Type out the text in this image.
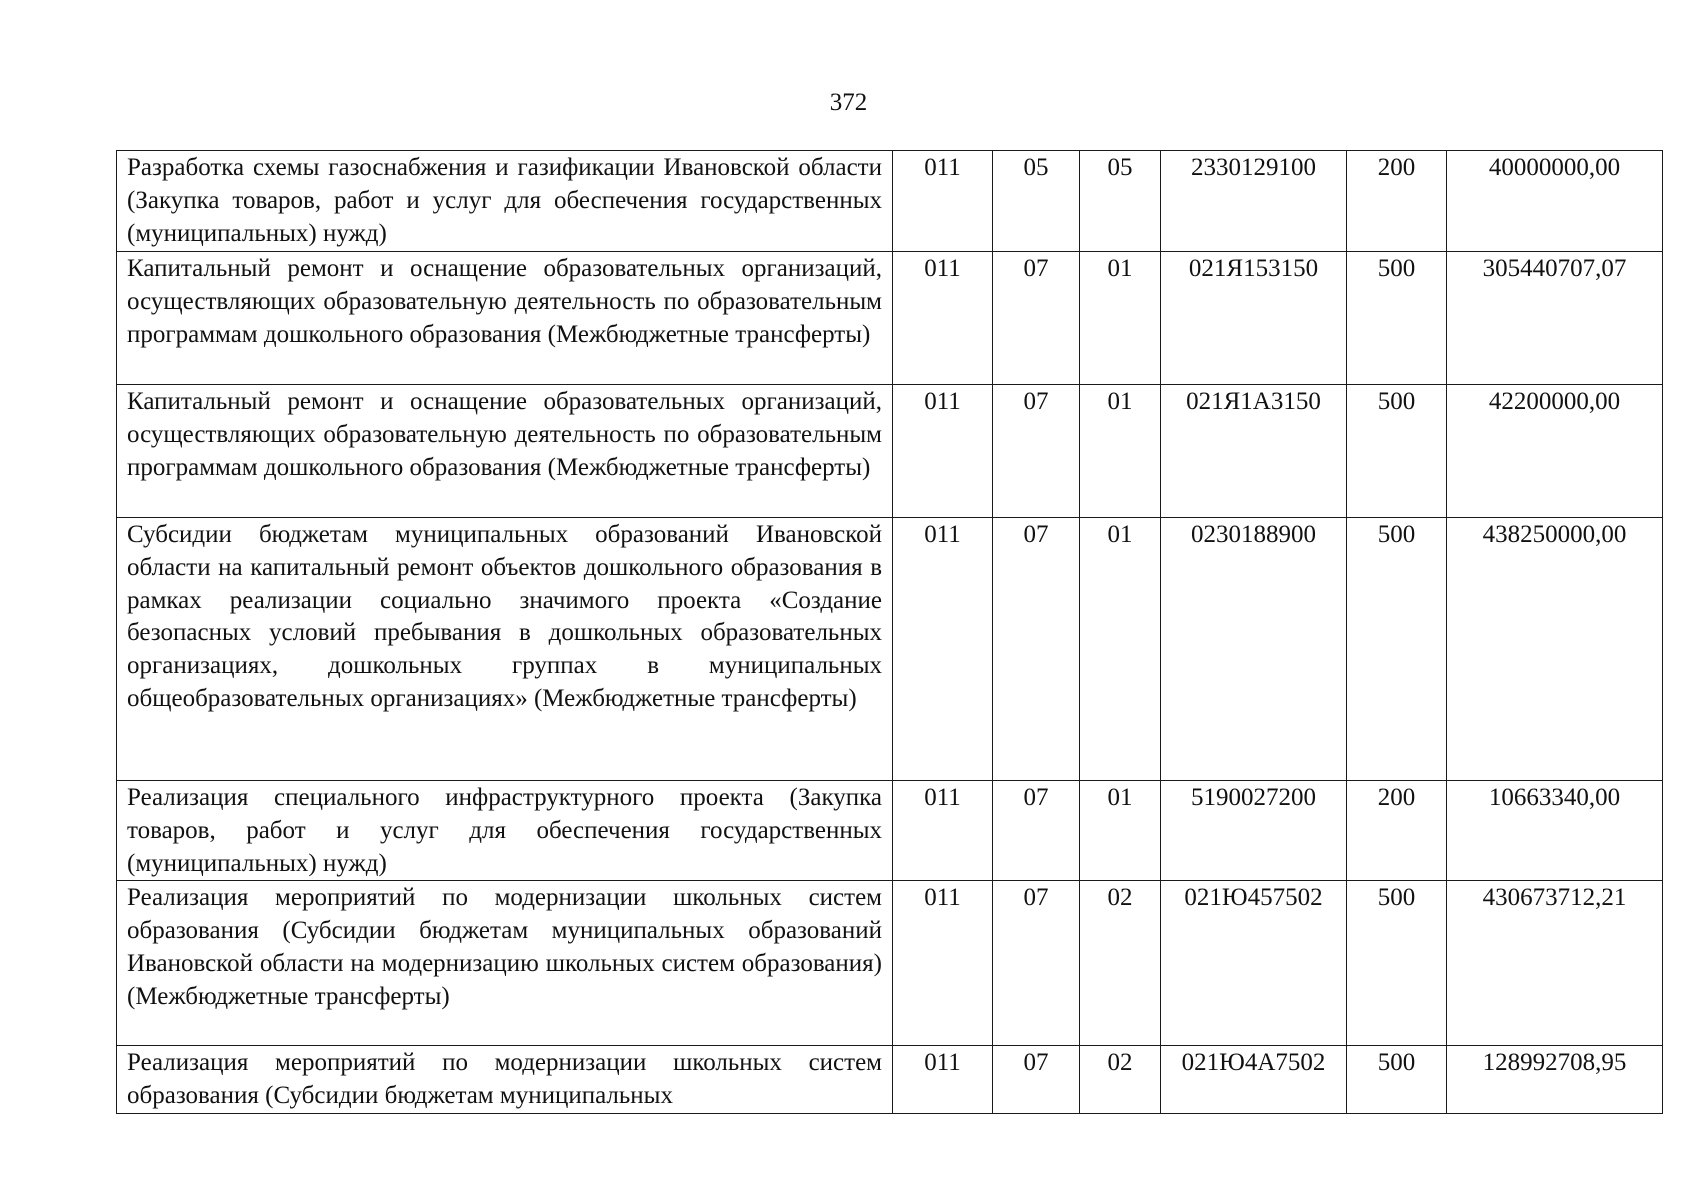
372
Разработка схемы газоснабжения и газификации Ивановской области (Закупка товаров, работ и услуг для обеспечения государственных (муниципальных) нужд)	011	05	05	2330129100	200	40000000,00
Капитальный ремонт и оснащение образовательных организаций, осуществляющих образовательную деятельность по образовательным программам дошкольного образования (Межбюджетные трансферты)	011	07	01	021Я153150	500	305440707,07
Капитальный ремонт и оснащение образовательных организаций, осуществляющих образовательную деятельность по образовательным программам дошкольного образования (Межбюджетные трансферты)	011	07	01	021Я1А3150	500	42200000,00
Субсидии бюджетам муниципальных образований Ивановской области на капитальный ремонт объектов дошкольного образования в рамках реализации социально значимого проекта «Создание безопасных условий пребывания в дошкольных образовательных организациях, дошкольных группах в муниципальных общеобразовательных организациях» (Межбюджетные трансферты)	011	07	01	0230188900	500	438250000,00
Реализация специального инфраструктурного проекта (Закупка товаров, работ и услуг для обеспечения государственных (муниципальных) нужд)	011	07	01	5190027200	200	10663340,00
Реализация мероприятий по модернизации школьных систем образования (Субсидии бюджетам муниципальных образований Ивановской области на модернизацию школьных систем образования) (Межбюджетные трансферты)	011	07	02	021Ю457502	500	430673712,21
Реализация мероприятий по модернизации школьных систем образования (Субсидии бюджетам муниципальных	011	07	02	021Ю4А7502	500	128992708,95
